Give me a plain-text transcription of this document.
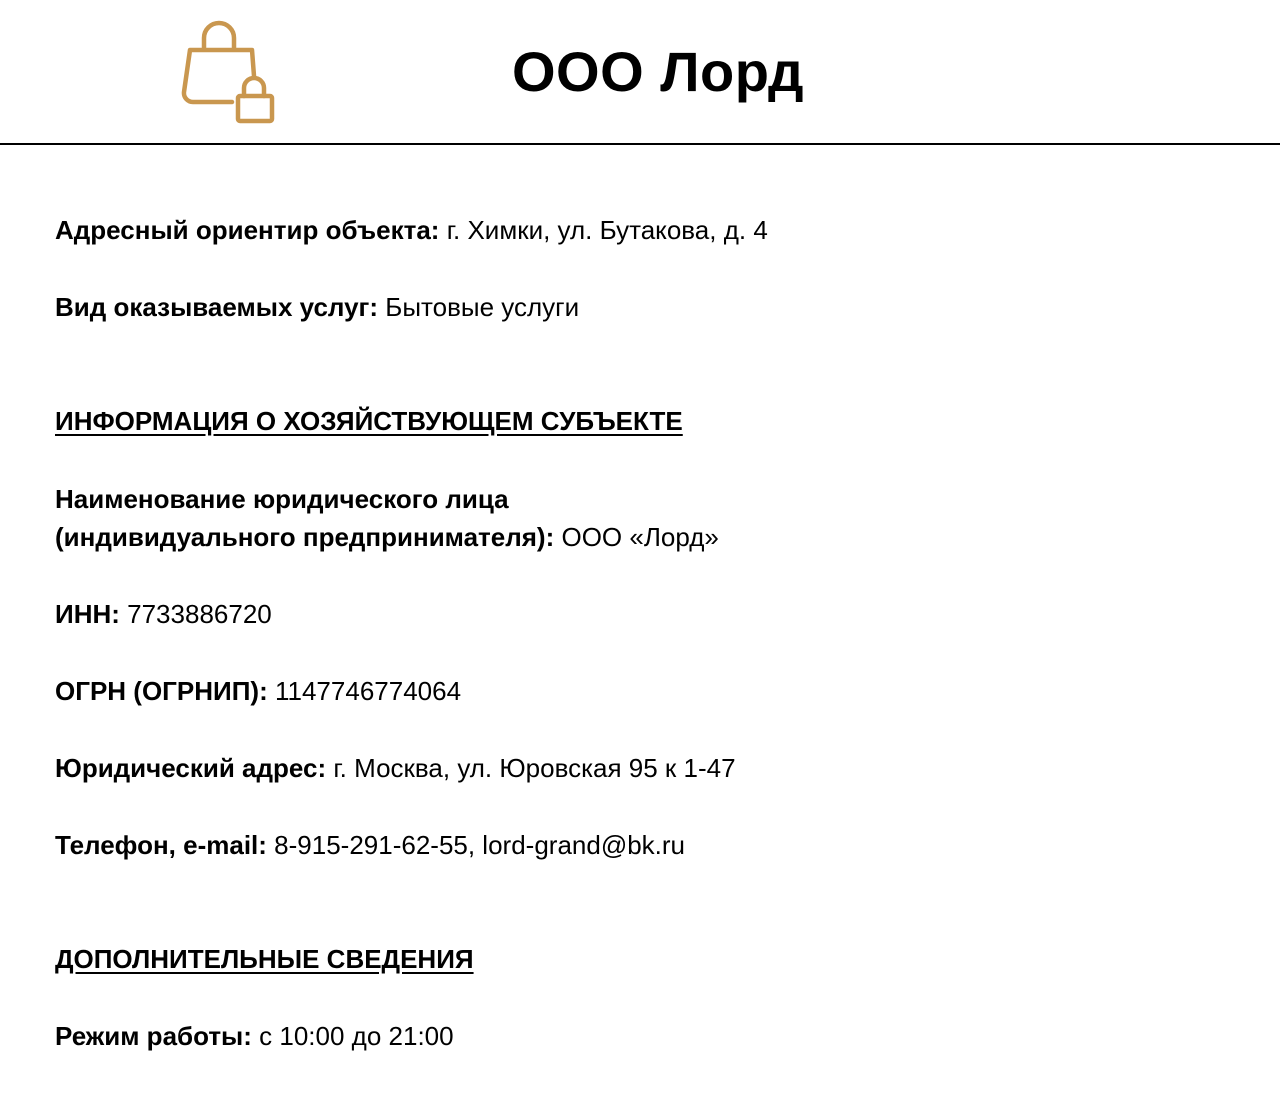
ООО Лорд
Адресный ориентир объекта: г. Химки, ул. Бутакова, д. 4
Вид оказываемых услуг: Бытовые услуги
ИНФОРМАЦИЯ О ХОЗЯЙСТВУЮЩЕМ СУБЪЕКТЕ
Наименование юридического лица
(индивидуального предпринимателя): ООО «Лорд»
ИНН: 7733886720
ОГРН (ОГРНИП): 1147746774064
Юридический адрес: г. Москва, ул. Юровская 95 к 1-47
Телефон, e-mail: 8-915-291-62-55, lord-grand@bk.ru
ДОПОЛНИТЕЛЬНЫЕ СВЕДЕНИЯ
Режим работы: с 10:00 до 21:00
